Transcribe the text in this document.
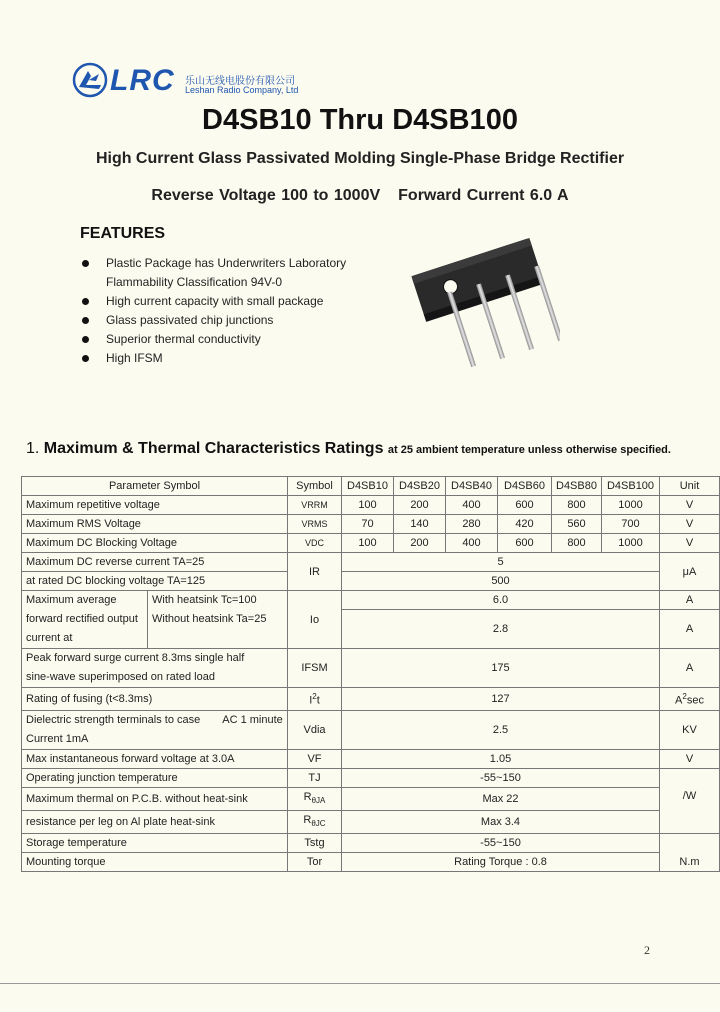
LRC 乐山无线电股份有限公司
Leshan Radio Company, Ltd
D4SB10 Thru D4SB100
High Current Glass Passivated Molding Single-Phase Bridge Rectifier
Reverse Voltage 100 to 1000V Forward Current 6.0 A
FEATURES
Plastic Package has Underwriters Laboratory
Flammability Classification 94V-0
High current capacity with small package
Glass passivated chip junctions
Superior thermal conductivity
High IFSM
1. Maximum & Thermal Characteristics Ratings at 25 ambient temperature unless otherwise specified.
Parameter Symbol		Symbol	D4SB10	D4SB20	D4SB40	D4SB60	D4SB80	D4SB100	Unit
Maximum repetitive voltage		VRRM	100	200	400	600	800	1000	V
Maximum RMS Voltage		VRMS	70	140	280	420	560	700	V
Maximum DC Blocking Voltage		VDC	100	200	400	600	800	1000	V
Maximum DC reverse current TA=25		IR	5						μA
at rated DC blocking voltage TA=125			500						

Maximum average
forward rectified output
current at	With heatsink Tc=100	Io	6.0						A
	Without heatsink Ta=25		2.8						A

Peak forward surge current 8.3ms single half
sine-wave superimposed on rated load		IFSM	175						A
Rating of fusing (t<8.3ms)		$I^2t$	127						$A^2\sec$

Dielectric strength terminals to case AC 1 minute
Current 1mA		Vdia	2.5						KV
Max instantaneous forward voltage at 3.0A		VF	1.05						V
Operating junction temperature		TJ	-55~150						
Maximum thermal on P.C.B. without heat-sink		$R_{\theta JA}$	Max 22						/W
resistance per leg on Al plate heat-sink		$R_{\theta JC}$	Max 3.4						
Storage temperature		Tstg	-55~150						
Mounting torque		Tor	Rating Torque : 0.8						N.m
2
